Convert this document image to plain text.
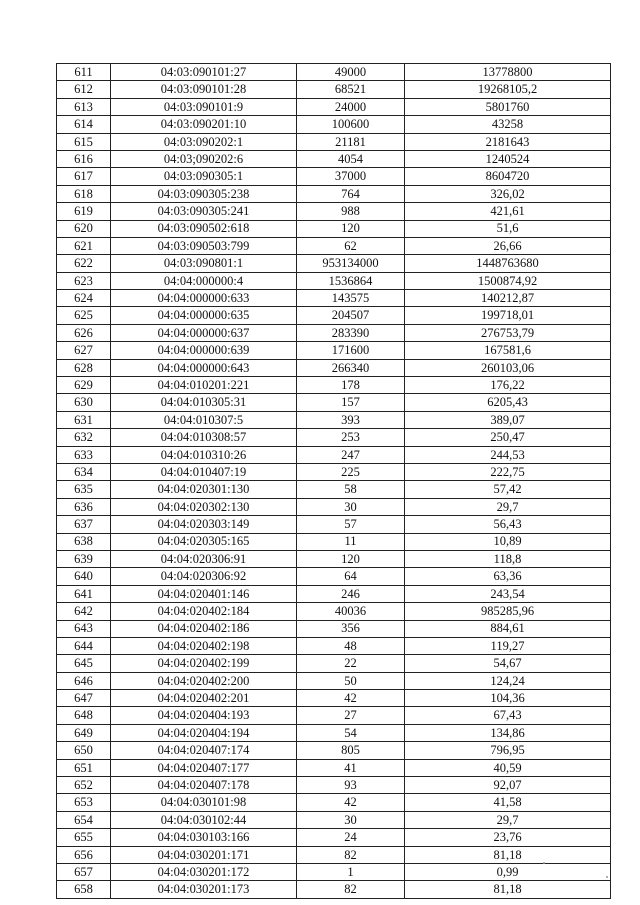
611	04:03:090101:27	49000	13778800
612	04:03:090101:28	68521	19268105,2
613	04:03:090101:9	24000	5801760
614	04:03:090201:10	100600	43258
615	04:03:090202:1	21181	2181643
616	04:03;090202:6	4054	1240524
617	04:03:090305:1	37000	8604720
618	04:03:090305:238	764	326,02
619	04:03:090305:241	988	421,61
620	04:03:090502:618	120	51,6
621	04:03:090503:799	62	26,66
622	04:03:090801:1	953134000	1448763680
623	04:04:000000:4	1536864	1500874,92
624	04:04:000000:633	143575	140212,87
625	04:04:000000:635	204507	199718,01
626	04:04:000000:637	283390	276753,79
627	04:04:000000:639	171600	167581,6
628	04:04:000000:643	266340	260103,06
629	04:04:010201:221	178	176,22
630	04:04:010305:31	157	6205,43
631	04:04:010307:5	393	389,07
632	04:04:010308:57	253	250,47
633	04:04:010310:26	247	244,53
634	04:04:010407:19	225	222,75
635	04:04:020301:130	58	57,42
636	04:04:020302:130	30	29,7
637	04:04:020303:149	57	56,43
638	04:04:020305:165	11	10,89
639	04:04:020306:91	120	118,8
640	04:04:020306:92	64	63,36
641	04:04:020401:146	246	243,54
642	04:04:020402:184	40036	985285,96
643	04:04:020402:186	356	884,61
644	04:04:020402:198	48	119,27
645	04:04:020402:199	22	54,67
646	04:04:020402:200	50	124,24
647	04:04:020402:201	42	104,36
648	04:04:020404:193	27	67,43
649	04:04:020404:194	54	134,86
650	04:04:020407:174	805	796,95
651	04:04:020407:177	41	40,59
652	04:04:020407:178	93	92,07
653	04:04:030101:98	42	41,58
654	04:04:030102:44	30	29,7
655	04:04:030103:166	24	23,76
656	04:04:030201:171	82	81,18
657	04:04:030201:172	1	0,99
658	04:04:030201:173	82	81,18
